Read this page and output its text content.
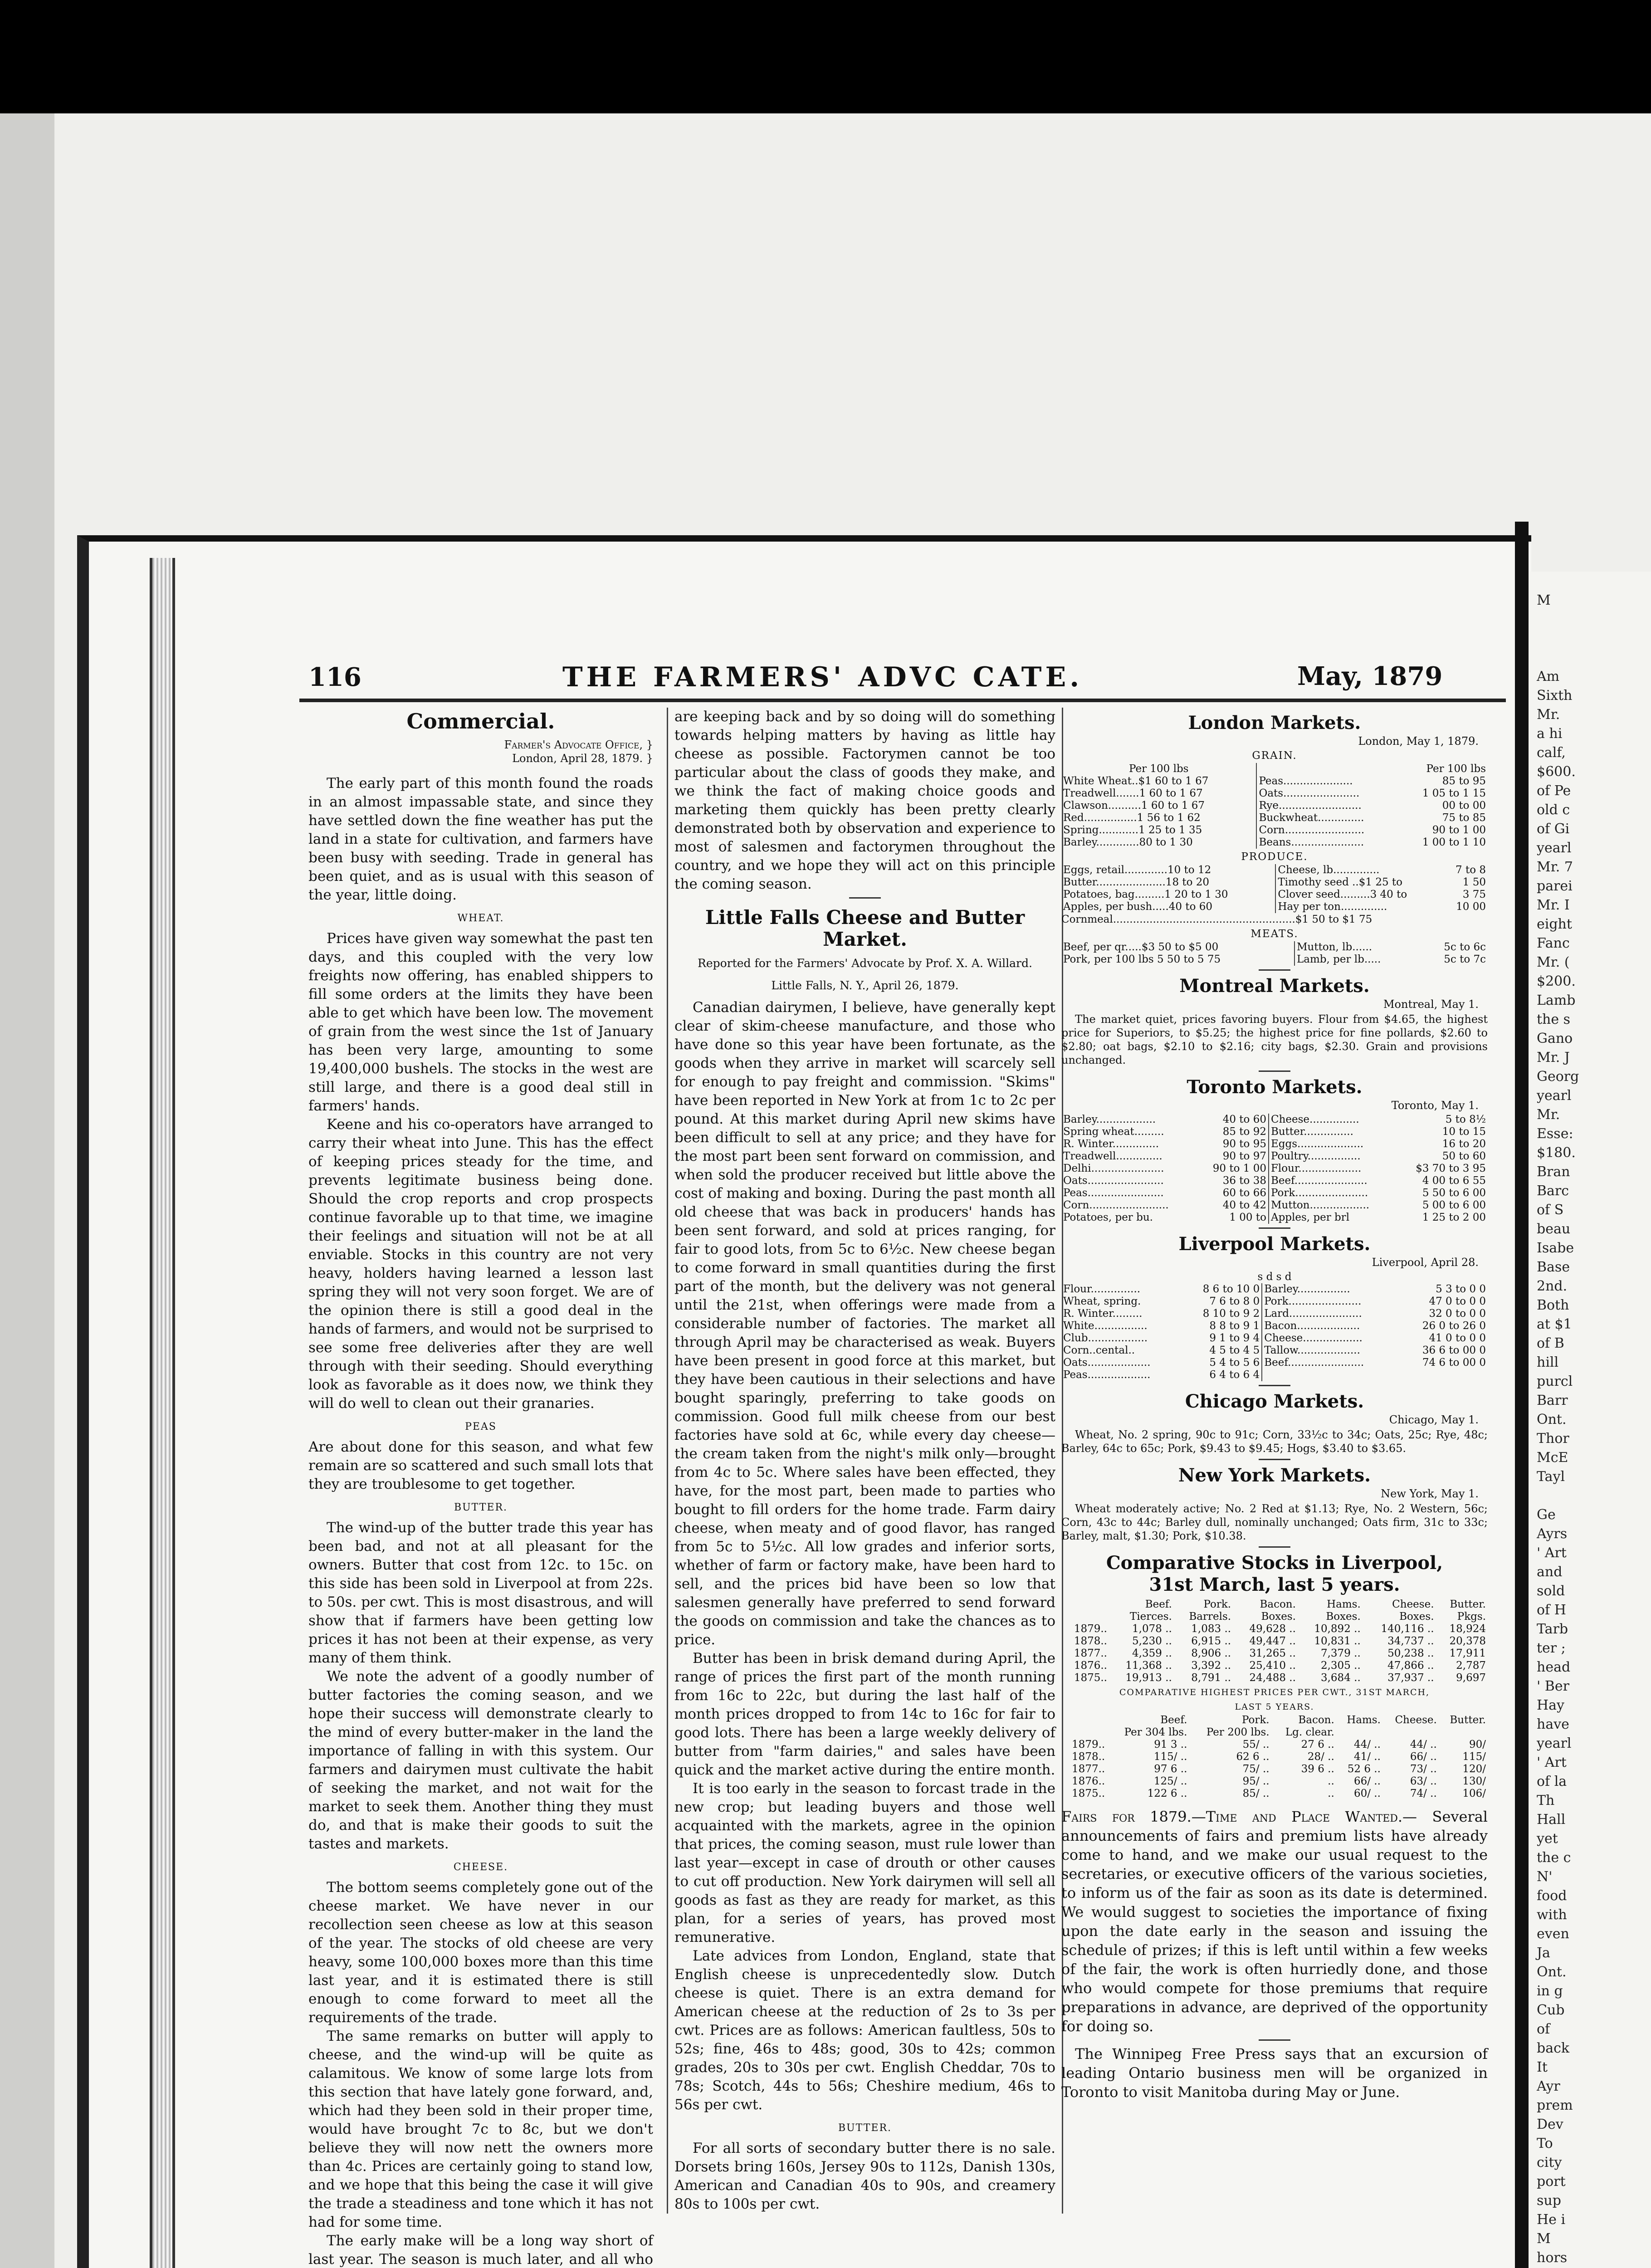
M
Am
Sixth
Mr.
a hi
calf,
$600.
of Pe
old c
of Gi
yearl
Mr. 7
parei
Mr. I
eight
Fanc
Mr. (
$200.
Lamb
the s
Gano
Mr. J
Georg
yearl
Mr.
Esse:
$180.
Bran
Barc
of S
beau
Isabe
Base
2nd.
Both
at $1
of B
hill
purcl
Barr
Ont.
Thor
McE
Tayl
Ge
Ayrs
' Art
and
sold
of H
Tarb
ter ;
head
' Ber
Hay
have
yearl
' Art
of la
Th
Hall
yet
the c
N'
food
with
even
Ja
Ont.
in g
Cub
of
back
It
Ayr
prem
Dev
To
city
port
sup
He i
M
hors
116	THE FARMERS' ADVC CATE.	May, 1879
Commercial.
Farmer's Advocate Office, }
London, April 28, 1879. }

The early part of this month found the roads in an almost impassable state, and since they have settled down the fine weather has put the land in a state for cultivation, and farmers have been busy with seeding. Trade in general has been quiet, and as is usual with this season of the year, little doing.

WHEAT.

Prices have given way somewhat the past ten days, and this coupled with the very low freights now offering, has enabled shippers to fill some orders at the limits they have been able to get which have been low. The movement of grain from the west since the 1st of January has been very large, amounting to some 19,400,000 bushels. The stocks in the west are still large, and there is a good deal still in farmers' hands.

Keene and his co-operators have arranged to carry their wheat into June. This has the effect of keeping prices steady for the time, and prevents legitimate business being done. Should the crop reports and crop prospects continue favorable up to that time, we imagine their feelings and situation will not be at all enviable. Stocks in this country are not very heavy, holders having learned a lesson last spring they will not very soon forget. We are of the opinion there is still a good deal in the hands of farmers, and would not be surprised to see some free deliveries after they are well through with their seeding. Should everything look as favorable as it does now, we think they will do well to clean out their granaries.

PEAS

Are about done for this season, and what few remain are so scattered and such small lots that they are troublesome to get together.

BUTTER.

The wind-up of the butter trade this year has been bad, and not at all pleasant for the owners. Butter that cost from 12c. to 15c. on this side has been sold in Liverpool at from 22s. to 50s. per cwt. This is most disastrous, and will show that if farmers have been getting low prices it has not been at their expense, as very many of them think.

We note the advent of a goodly number of butter factories the coming season, and we hope their success will demonstrate clearly to the mind of every butter-maker in the land the importance of falling in with this system. Our farmers and dairymen must cultivate the habit of seeking the market, and not wait for the market to seek them. Another thing they must do, and that is make their goods to suit the tastes and markets.

CHEESE.

The bottom seems completely gone out of the cheese market. We have never in our recollection seen cheese as low at this season of the year. The stocks of old cheese are very heavy, some 100,000 boxes more than this time last year, and it is estimated there is still enough to come forward to meet all the requirements of the trade.

The same remarks on butter will apply to cheese, and the wind-up will be quite as calamitous. We know of some large lots from this section that have lately gone forward, and, which had they been sold in their proper time, would have brought 7c to 8c, but we don't believe they will now nett the owners more than 4c. Prices are certainly going to stand low, and we hope that this being the case it will give the trade a steadiness and tone which it has not had for some time.

The early make will be a long way short of last year. The season is much later, and all who

are keeping back and by so doing will do something towards helping matters by having as little hay cheese as possible. Factorymen cannot be too particular about the class of goods they make, and we think the fact of making choice goods and marketing them quickly has been pretty clearly demonstrated both by observation and experience to most of salesmen and factorymen throughout the country, and we hope they will act on this principle the coming season.

Little Falls Cheese and Butter Market.
Reported for the Farmers' Advocate by Prof. X. A. Willard.
Little Falls, N. Y., April 26, 1879.

Canadian dairymen, I believe, have generally kept clear of skim-cheese manufacture, and those who have done so this year have been fortunate, as the goods when they arrive in market will scarcely sell for enough to pay freight and commission. "Skims" have been reported in New York at from 1c to 2c per pound. At this market during April new skims have been difficult to sell at any price; and they have for the most part been sent forward on commission, and when sold the producer received but little above the cost of making and boxing. During the past month all old cheese that was back in producers' hands has been sent forward, and sold at prices ranging, for fair to good lots, from 5c to 6½c. New cheese began to come forward in small quantities during the first part of the month, but the delivery was not general until the 21st, when offerings were made from a considerable number of factories. The market all through April may be characterised as weak. Buyers have been present in good force at this market, but they have been cautious in their selections and have bought sparingly, preferring to take goods on commission. Good full milk cheese from our best factories have sold at 6c, while every day cheese—the cream taken from the night's milk only—brought from 4c to 5c. Where sales have been effected, they have, for the most part, been made to parties who bought to fill orders for the home trade. Farm dairy cheese, when meaty and of good flavor, has ranged from 5c to 5½c. All low grades and inferior sorts, whether of farm or factory make, have been hard to sell, and the prices bid have been so low that salesmen generally have preferred to send forward the goods on commission and take the chances as to price.

Butter has been in brisk demand during April, the range of prices the first part of the month running from 16c to 22c, but during the last half of the month prices dropped to from 14c to 16c for fair to good lots. There has been a large weekly delivery of butter from "farm dairies," and sales have been quick and the market active during the entire month.

It is too early in the season to forcast trade in the new crop; but leading buyers and those well acquainted with the markets, agree in the opinion that prices, the coming season, must rule lower than last year—except in case of drouth or other causes to cut off production. New York dairymen will sell all goods as fast as they are ready for market, as this plan, for a series of years, has proved most remunerative.

Late advices from London, England, state that English cheese is unprecedentedly slow. Dutch cheese is quiet. There is an extra demand for American cheese at the reduction of 2s to 3s per cwt. Prices are as follows: American faultless, 50s to 52s; fine, 46s to 48s; good, 30s to 42s; common grades, 20s to 30s per cwt. English Cheddar, 70s to 78s; Scotch, 44s to 56s; Cheshire medium, 46s to 56s per cwt.

BUTTER.

For all sorts of secondary butter there is no sale. Dorsets bring 160s, Jersey 90s to 112s, Danish 130s, American and Canadian 40s to 90s, and creamery 80s to 100s per cwt.

London Markets.
London, May 1, 1879.
GRAIN.
Per 100 lbs		Per 100 lbs
White Wheat..$1 60 to 1 67	Peas.....................	85 to 95
Treadwell.......1 60 to 1 67	Oats.......................	1 05 to 1 15
Clawson..........1 60 to 1 67	Rye.........................	00 to 00
Red................1 56 to 1 62	Buckwheat..............	75 to 85
Spring............1 25 to 1 35	Corn........................	90 to 1 00
Barley.............80 to 1 30	Beans......................	1 00 to 1 10
PRODUCE.
Eggs, retail.............10 to 12	Cheese, lb..............	7 to 8
Butter.....................18 to 20	Timothy seed ..$1 25 to	1 50
Potatoes, bag.........1 20 to 1 30	Clover seed.........3 40 to	3 75
Apples, per bush.....40 to 60	Hay per ton..............	10 00
Cornmeal.......................................................$1 50 to $1 75
MEATS.
Beef, per qr.....$3 50 to $5 00	Mutton, lb......	5c to 6c
Pork, per 100 lbs 5 50 to 5 75	Lamb, per lb.....	5c to 7c
Montreal Markets.
Montreal, May 1.

The market quiet, prices favoring buyers. Flour from $4.65, the highest price for Superiors, to $5.25; the highest price for fine pollards, $2.60 to $2.80; oat bags, $2.10 to $2.16; city bags, $2.30. Grain and provisions unchanged.

Toronto Markets.
Toronto, May 1.
Barley..................	40 to 60	Cheese...............	5 to 8½
Spring wheat.........	85 to 92	Butter...............	10 to 15
R. Winter..............	90 to 95	Eggs....................	16 to 20
Treadwell..............	90 to 97	Poultry................	50 to 60
Delhi......................	90 to 1 00	Flour...................	$3 70 to 3 95
Oats.......................	36 to 38	Beef......................	4 00 to 6 55
Peas.......................	60 to 66	Pork......................	5 50 to 6 00
Corn........................	40 to 42	Mutton..................	5 00 to 6 00
Potatoes, per bu.	1 00 to	Apples, per brl	1 25 to 2 00
Liverpool Markets.
Liverpool, April 28.
s d s d
Flour...............	8 6 to 10 0	Barley................	5 3 to 0 0
Wheat, spring.	7 6 to 8 0	Pork......................	47 0 to 0 0
R. Winter.........	8 10 to 9 2	Lard......................	32 0 to 0 0
White................	8 8 to 9 1	Bacon...................	26 0 to 26 0
Club..................	9 1 to 9 4	Cheese..................	41 0 to 0 0
Corn..cental..	4 5 to 4 5	Tallow...................	36 6 to 00 0
Oats...................	5 4 to 5 6	Beef.......................	74 6 to 00 0
Peas...................	6 4 to 6 4		
Chicago Markets.
Chicago, May 1.

Wheat, No. 2 spring, 90c to 91c; Corn, 33½c to 34c; Oats, 25c; Rye, 48c; Barley, 64c to 65c; Pork, $9.43 to $9.45; Hogs, $3.40 to $3.65.

New York Markets.
New York, May 1.

Wheat moderately active; No. 2 Red at $1.13; Rye, No. 2 Western, 56c; Corn, 43c to 44c; Barley dull, nominally unchanged; Oats firm, 31c to 33c; Barley, malt, $1.30; Pork, $10.38.

Comparative Stocks in Liverpool,
31st March, last 5 years.
	Beef.	Pork.	Bacon.	Hams.	Cheese.	Butter.
	Tierces.	Barrels.	Boxes.	Boxes.	Boxes.	Pkgs.
1879..	1,078 ..	1,083 ..	49,628 ..	10,892 ..	140,116 ..	18,924
1878..	5,230 ..	6,915 ..	49,447 ..	10,831 ..	34,737 ..	20,378
1877..	4,359 ..	8,906 ..	31,265 ..	7,379 ..	50,238 ..	17,911
1876..	11,368 ..	3,392 ..	25,410 ..	2,305 ..	47,866 ..	2,787
1875..	19,913 ..	8,791 ..	24,488 ..	3,684 ..	37,937 ..	9,697
COMPARATIVE HIGHEST PRICES PER CWT., 31ST MARCH,
LAST 5 YEARS.
	Beef.	Pork.	Bacon.	Hams.	Cheese.	Butter.
	Per 304 lbs.	Per 200 lbs.	Lg. clear.			
1879..	91 3 ..	55/ ..	27 6 ..	44/ ..	44/ ..	90/
1878..	115/ ..	62 6 ..	28/ ..	41/ ..	66/ ..	115/
1877..	97 6 ..	75/ ..	39 6 ..	52 6 ..	73/ ..	120/
1876..	125/ ..	95/ ..	..	66/ ..	63/ ..	130/
1875..	122 6 ..	85/ ..	..	60/ ..	74/ ..	106/

Fairs for 1879.—Time and Place Wanted.— Several announcements of fairs and premium lists have already come to hand, and we make our usual request to the secretaries, or executive officers of the various societies, to inform us of the fair as soon as its date is determined. We would suggest to societies the importance of fixing upon the date early in the season and issuing the schedule of prizes; if this is left until within a few weeks of the fair, the work is often hurriedly done, and those who would compete for those premiums that require preparations in advance, are deprived of the opportunity for doing so.

The Winnipeg Free Press says that an excursion of leading Ontario business men will be organized in Toronto to visit Manitoba during May or June.
